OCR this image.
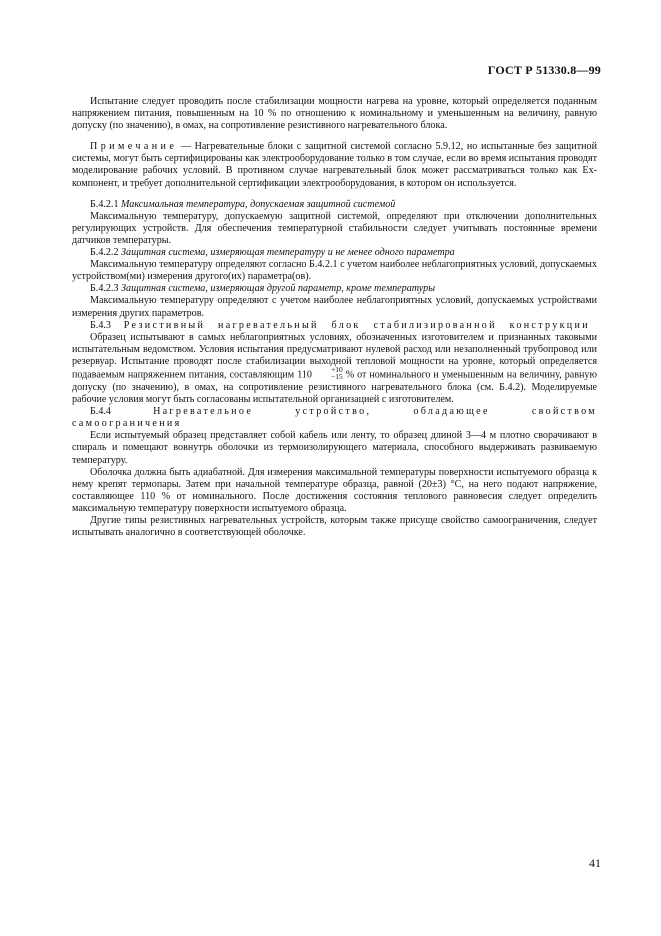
ГОСТ Р 51330.8—99

Испытание следует проводить после стабилизации мощности нагрева на уровне, который определяется поданным напряжением питания, повышенным на 10 % по отношению к номинальному и уменьшенным на величину, равную допуску (по значению), в омах, на сопротивление резистивного нагревательного блока.

Примечание — Нагревательные блоки с защитной системой согласно 5.9.12, но испытанные без защитной системы, могут быть сертифицированы как электрооборудование только в том случае, если во время испытания проводят моделирование рабочих условий. В противном случае нагревательный блок может рассматриваться только как Ex-компонент, и требует дополнительной сертификации электрооборудования, в котором он используется.

Б.4.2.1 Максимальная температура, допускаемая защитной системой

Максимальную температуру, допускаемую защитной системой, определяют при отключении дополнительных регулирующих устройств. Для обеспечения температурной стабильности следует учитывать постоянные времени датчиков температуры.

Б.4.2.2 Защитная система, измеряющая температуру и не менее одного параметра

Максимальную температуру определяют согласно Б.4.2.1 с учетом наиболее неблагоприятных условий, допускаемых устройством(ми) измерения другого(их) параметра(ов).

Б.4.2.3 Защитная система, измеряющая другой параметр, кроме температуры

Максимальную температуру определяют с учетом наиболее неблагоприятных условий, допускаемых устройствами измерения других параметров.

Б.4.3 Резистивный нагревательный блок стабилизированной конструкции

Образец испытывают в самых неблагоприятных условиях, обозначенных изготовителем и признанных таковыми испытательным ведомством. Условия испытания предусматривают нулевой расход или незаполненный трубопровод или резервуар. Испытание проводят после стабилизации выходной тепловой мощности на уровне, который определяется подаваемым напряжением питания, составляющим 110	+10
−15 % от номинального и уменьшенным на величину, равную допуску (по значению), в омах, на сопротивление резистивного нагревательного блока (см. Б.4.2). Моделируемые рабочие условия могут быть согласованы испытательной организацией с изготовителем.

Б.4.4	Нагревательное устройство, обладающее свойством самоограничения

Если испытуемый образец представляет собой кабель или ленту, то образец длиной 3—4 м плотно сворачивают в спираль и помещают вовнутрь оболочки из термоизолирующего материала, способного выдерживать развиваемую температуру.

Оболочка должна быть адиабатной. Для измерения максимальной температуры поверхности испытуемого образца к нему крепят термопары. Затем при начальной температуре образца, равной (20±3) °С, на него подают напряжение, составляющее 110 % от номинального. После достижения состояния теплового равновесия следует определить максимальную температуру поверхности испытуемого образца.

Другие типы резистивных нагревательных устройств, которым также присуще свойство самоограничения, следует испытывать аналогично в соответствующей оболочке.

41
